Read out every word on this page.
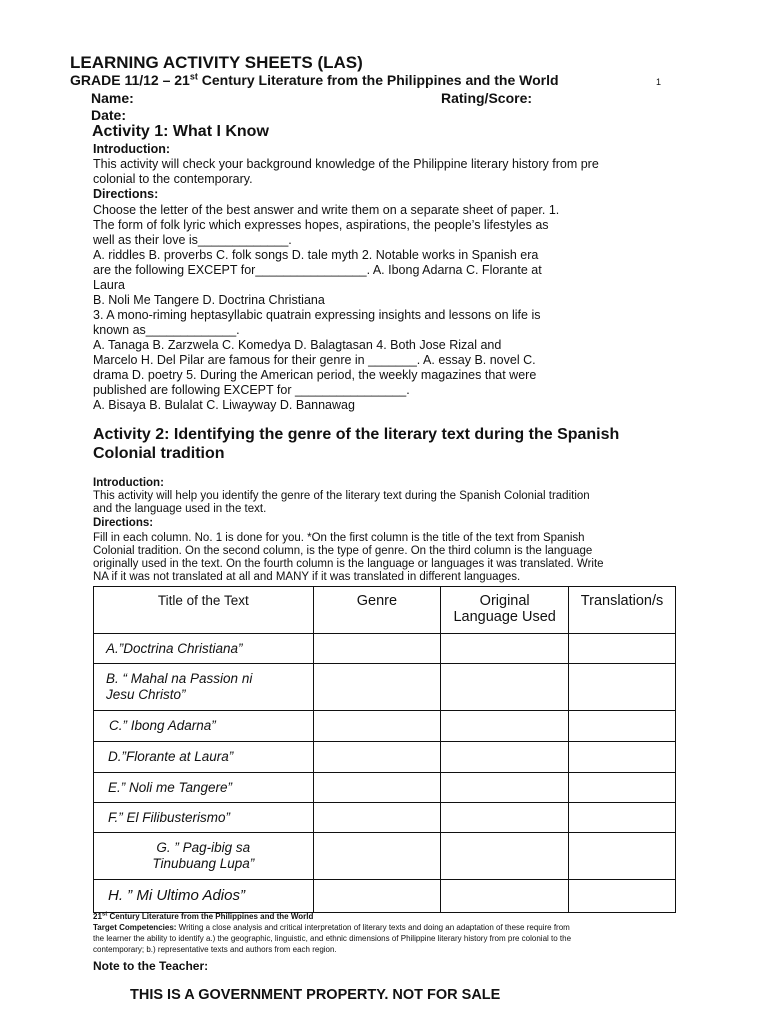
LEARNING ACTIVITY SHEETS (LAS)
GRADE 11/12 – 21st Century Literature from the Philippines and the World	1
Name:	Rating/Score:
Date:
Activity 1: What I Know
Introduction:
This activity will check your background knowledge of the Philippine literary history from pre
colonial to the contemporary.
Directions:
Choose the letter of the best answer and write them on a separate sheet of paper. 1.
The form of folk lyric which expresses hopes, aspirations, the people’s lifestyles as
well as their love is_____________.
A. riddles B. proverbs C. folk songs D. tale myth 2. Notable works in Spanish era
are the following EXCEPT for________________. A. Ibong Adarna C. Florante at
Laura
B. Noli Me Tangere D. Doctrina Christiana
3. A mono-riming heptasyllabic quatrain expressing insights and lessons on life is
known as_____________.
A. Tanaga B. Zarzwela C. Komedya D. Balagtasan 4. Both Jose Rizal and
Marcelo H. Del Pilar are famous for their genre in _______. A. essay B. novel C.
drama D. poetry 5. During the American period, the weekly magazines that were
published are following EXCEPT for ________________.
A. Bisaya B. Bulalat C. Liwayway D. Bannawag
Activity 2: Identifying the genre of the literary text during the Spanish
Colonial tradition
Introduction:
This activity will help you identify the genre of the literary text during the Spanish Colonial tradition
and the language used in the text.
Directions:
Fill in each column. No. 1 is done for you. *On the first column is the title of the text from Spanish
Colonial tradition. On the second column, is the type of genre. On the third column is the language
originally used in the text. On the fourth column is the language or languages it was translated. Write
NA if it was not translated at all and MANY if it was translated in different languages.
Title of the Text	Genre	Original Language Used	Translation/s
A.”Doctrina Christiana”			
B. “ Mahal na Passion ni Jesu Christo”			
C.” Ibong Adarna”			
D.”Florante at Laura”			
E.” Noli me Tangere”			
F.” El Filibusterismo”			
G. ” Pag-ibig sa Tinubuang Lupa”			
H. ” Mi Ultimo Adios”			
21st Century Literature from the Philippines and the World
Target Competencies: Writing a close analysis and critical interpretation of literary texts and doing an adaptation of these require from
the learner the ability to identify a.) the geographic, linguistic, and ethnic dimensions of Philippine literary history from pre colonial to the
contemporary; b.) representative texts and authors from each region.
Note to the Teacher:
THIS IS A GOVERNMENT PROPERTY. NOT FOR SALE
